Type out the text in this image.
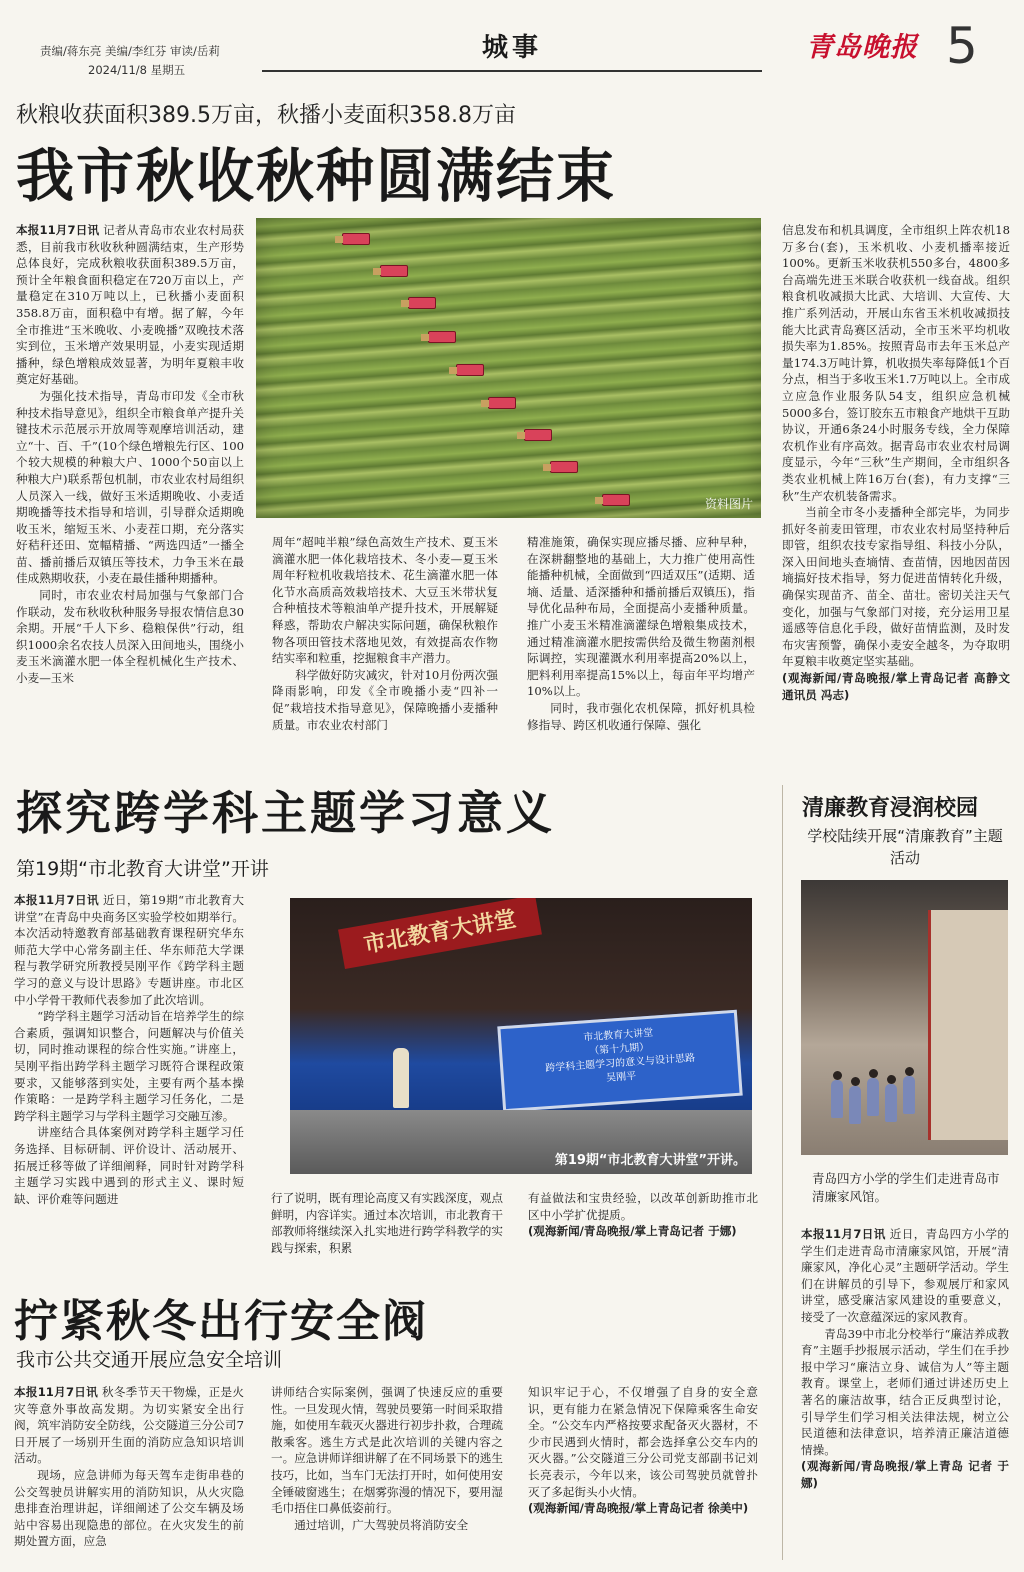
责编/蒋东亮 美编/李红芬 审读/岳莉
2024/11/8 星期五
城事	青岛晚报 5
秋粮收获面积389.5万亩，秋播小麦面积358.8万亩
我市秋收秋种圆满结束

本报11月7日讯 记者从青岛市农业农村局获悉，目前我市秋收秋种圆满结束，生产形势总体良好，完成秋粮收获面积389.5万亩，预计全年粮食面积稳定在720万亩以上，产量稳定在310万吨以上，已秋播小麦面积358.8万亩，面积稳中有增。据了解，今年全市推进“玉米晚收、小麦晚播”双晚技术落实到位，玉米增产效果明显，小麦实现适期播种，绿色增粮成效显著，为明年夏粮丰收奠定好基础。

为强化技术指导，青岛市印发《全市秋种技术指导意见》，组织全市粮食单产提升关键技术示范展示开放周等观摩培训活动，建立“十、百、千”(10个绿色增粮先行区、100个较大规模的种粮大户、1000个50亩以上种粮大户)联系帮包机制，市农业农村局组织人员深入一线，做好玉米适期晚收、小麦适期晚播等技术指导和培训，引导群众适期晚收玉米，缩短玉米、小麦茬口期，充分落实好秸秆还田、宽幅精播、“两选四适”一播全苗、播前播后双镇压等技术，力争玉米在最佳成熟期收获，小麦在最佳播种期播种。

同时，市农业农村局加强与气象部门合作联动，发布秋收秋种服务导报农情信息30余期。开展“千人下乡、稳粮保供”行动，组织1000余名农技人员深入田间地头，围绕小麦玉米滴灌水肥一体全程机械化生产技术、小麦—玉米

资料图片

周年“超吨半粮”绿色高效生产技术、夏玉米滴灌水肥一体化栽培技术、冬小麦—夏玉米周年籽粒机收栽培技术、花生滴灌水肥一体化节水高质高效栽培技术、大豆玉米带状复合种植技术等粮油单产提升技术，开展解疑释惑，帮助农户解决实际问题，确保秋粮作物各项田管技术落地见效，有效提高农作物结实率和粒重，挖掘粮食丰产潜力。

科学做好防灾减灾，针对10月份两次强降雨影响，印发《全市晚播小麦“四补一促”栽培技术指导意见》，保障晚播小麦播种质量。市农业农村部门

精准施策，确保实现应播尽播、应种早种，在深耕翻整地的基础上，大力推广使用高性能播种机械，全面做到“四适双压”(适期、适墒、适量、适深播种和播前播后双镇压)，指导优化品种布局，全面提高小麦播种质量。推广小麦玉米精准滴灌绿色增粮集成技术，通过精准滴灌水肥按需供给及微生物菌剂根际调控，实现灌溉水利用率提高20%以上，肥料利用率提高15%以上，每亩年平均增产10%以上。

同时，我市强化农机保障，抓好机具检修指导、跨区机收通行保障、强化

信息发布和机具调度，全市组织上阵农机18万多台(套)，玉米机收、小麦机播率接近100%。更新玉米收获机550多台，4800多台高端先进玉米联合收获机一线奋战。组织粮食机收减损大比武、大培训、大宣传、大推广系列活动，开展山东省玉米机收减损技能大比武青岛赛区活动，全市玉米平均机收损失率为1.85%。按照青岛市去年玉米总产量174.3万吨计算，机收损失率每降低1个百分点，相当于多收玉米1.7万吨以上。全市成立应急作业服务队54支，组织应急机械5000多台，签订胶东五市粮食产地烘干互助协议，开通6条24小时服务专线，全力保障农机作业有序高效。据青岛市农业农村局调度显示，今年“三秋”生产期间，全市组织各类农业机械上阵16万台(套)，有力支撑“三秋”生产农机装备需求。

当前全市冬小麦播种全部完毕，为同步抓好冬前麦田管理，市农业农村局坚持种后即管，组织农技专家指导组、科技小分队，深入田间地头查墒情、查苗情，因地因苗因墒搞好技术指导，努力促进苗情转化升级，确保实现苗齐、苗全、苗壮。密切关注天气变化，加强与气象部门对接，充分运用卫星遥感等信息化手段，做好苗情监测，及时发布灾害预警，确保小麦安全越冬，为夺取明年夏粮丰收奠定坚实基础。

(观海新闻/青岛晚报/掌上青岛记者 高静文 通讯员 冯志)

探究跨学科主题学习意义
第19期“市北教育大讲堂”开讲

本报11月7日讯 近日，第19期“市北教育大讲堂”在青岛中央商务区实验学校如期举行。本次活动特邀教育部基础教育课程研究华东师范大学中心常务副主任、华东师范大学课程与教学研究所教授吴刚平作《跨学科主题学习的意义与设计思路》专题讲座。市北区中小学骨干教师代表参加了此次培训。

“跨学科主题学习活动旨在培养学生的综合素质，强调知识整合，问题解决与价值关切，同时推动课程的综合性实施。”讲座上，吴刚平指出跨学科主题学习既符合课程政策要求，又能够落到实处，主要有两个基本操作策略：一是跨学科主题学习任务化，二是跨学科主题学习与学科主题学习交融互渗。

讲座结合具体案例对跨学科主题学习任务选择、目标研制、评价设计、活动展开、拓展迁移等做了详细阐释，同时针对跨学科主题学习实践中遇到的形式主义、课时短缺、评价难等问题进

市北教育大讲堂
市北教育大讲堂
（第十九期）
跨学科主题学习的意义与设计思路
吴刚平
第19期“市北教育大讲堂”开讲。

行了说明，既有理论高度又有实践深度，观点鲜明，内容详实。通过本次培训，市北教育干部教师将继续深入扎实地进行跨学科教学的实践与探索，积累

有益做法和宝贵经验，以改革创新助推市北区中小学扩优提质。

(观海新闻/青岛晚报/掌上青岛记者 于娜)

清廉教育浸润校园
学校陆续开展“清廉教育”主题活动
青岛四方小学的学生们走进青岛市清廉家风馆。

本报11月7日讯 近日，青岛四方小学的学生们走进青岛市清廉家风馆，开展“清廉家风，净化心灵”主题研学活动。学生们在讲解员的引导下，参观展厅和家风讲堂，感受廉洁家风建设的重要意义，接受了一次意蕴深远的家风教育。

青岛39中市北分校举行“廉洁养成教育”主题手抄报展示活动，学生们在手抄报中学习“廉洁立身、诚信为人”等主题教育。课堂上，老师们通过讲述历史上著名的廉洁故事，结合正反典型讨论，引导学生们学习相关法律法规，树立公民道德和法律意识，培养清正廉洁道德情操。

(观海新闻/青岛晚报/掌上青岛 记者 于娜)

拧紧秋冬出行安全阀
我市公共交通开展应急安全培训

本报11月7日讯 秋冬季节天干物燥，正是火灾等意外事故高发期。为切实紧安全出行阀，筑牢消防安全防线，公交隧道三分公司7日开展了一场别开生面的消防应急知识培训活动。

现场，应急讲师为每天驾车走街串巷的公交驾驶员讲解实用的消防知识，从火灾隐患排查治理讲起，详细阐述了公交车辆及场站中容易出现隐患的部位。在火灾发生的前期处置方面，应急

讲师结合实际案例，强调了快速反应的重要性。一旦发现火情，驾驶员要第一时间采取措施，如使用车载灭火器进行初步扑救，合理疏散乘客。逃生方式是此次培训的关键内容之一。应急讲师详细讲解了在不同场景下的逃生技巧，比如，当车门无法打开时，如何使用安全锤破窗逃生；在烟雾弥漫的情况下，要用湿毛巾捂住口鼻低姿前行。

通过培训，广大驾驶员将消防安全

知识牢记于心，不仅增强了自身的安全意识，更有能力在紧急情况下保障乘客生命安全。“公交车内严格按要求配备灭火器材，不少市民遇到火情时，都会选择拿公交车内的灭火器。”公交隧道三分公司党支部副书记刘长亮表示，今年以来，该公司驾驶员就曾扑灭了多起街头小火情。

(观海新闻/青岛晚报/掌上青岛记者 徐美中)
